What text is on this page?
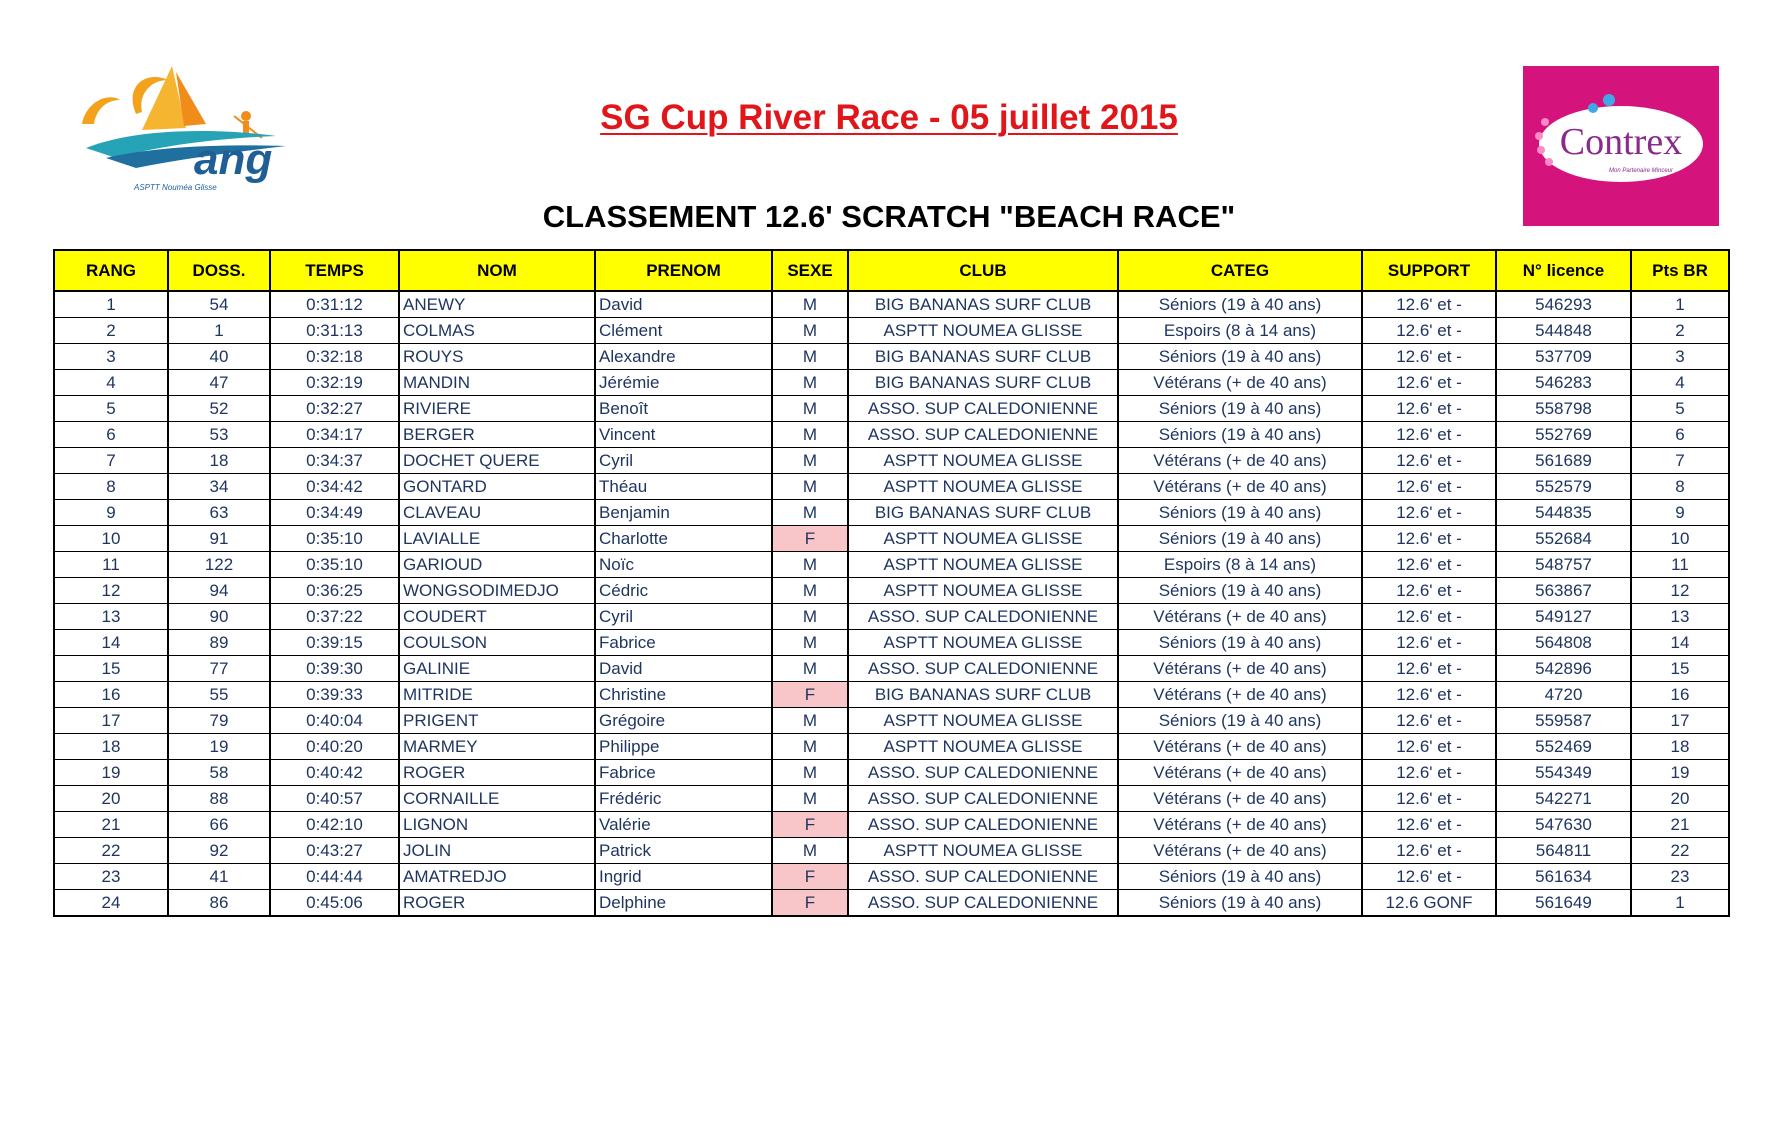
ang
ASPTT Nouméa Glisse
SG Cup River Race - 05 juillet 2015
CLASSEMENT 12.6' SCRATCH "BEACH RACE"
Contrex
Mon Partenaire Minceur
RANG	DOSS.	TEMPS	NOM	PRENOM	SEXE	CLUB	CATEG	SUPPORT	N° licence	Pts BR
1	54	0:31:12	ANEWY	David	M	BIG BANANAS SURF CLUB	Séniors (19 à 40 ans)	12.6' et -	546293	1
2	1	0:31:13	COLMAS	Clément	M	ASPTT NOUMEA GLISSE	Espoirs (8 à 14 ans)	12.6' et -	544848	2
3	40	0:32:18	ROUYS	Alexandre	M	BIG BANANAS SURF CLUB	Séniors (19 à 40 ans)	12.6' et -	537709	3
4	47	0:32:19	MANDIN	Jérémie	M	BIG BANANAS SURF CLUB	Vétérans (+ de 40 ans)	12.6' et -	546283	4
5	52	0:32:27	RIVIERE	Benoît	M	ASSO. SUP CALEDONIENNE	Séniors (19 à 40 ans)	12.6' et -	558798	5
6	53	0:34:17	BERGER	Vincent	M	ASSO. SUP CALEDONIENNE	Séniors (19 à 40 ans)	12.6' et -	552769	6
7	18	0:34:37	DOCHET QUERE	Cyril	M	ASPTT NOUMEA GLISSE	Vétérans (+ de 40 ans)	12.6' et -	561689	7
8	34	0:34:42	GONTARD	Théau	M	ASPTT NOUMEA GLISSE	Vétérans (+ de 40 ans)	12.6' et -	552579	8
9	63	0:34:49	CLAVEAU	Benjamin	M	BIG BANANAS SURF CLUB	Séniors (19 à 40 ans)	12.6' et -	544835	9
10	91	0:35:10	LAVIALLE	Charlotte	F	ASPTT NOUMEA GLISSE	Séniors (19 à 40 ans)	12.6' et -	552684	10
11	122	0:35:10	GARIOUD	Noïc	M	ASPTT NOUMEA GLISSE	Espoirs (8 à 14 ans)	12.6' et -	548757	11
12	94	0:36:25	WONGSODIMEDJO	Cédric	M	ASPTT NOUMEA GLISSE	Séniors (19 à 40 ans)	12.6' et -	563867	12
13	90	0:37:22	COUDERT	Cyril	M	ASSO. SUP CALEDONIENNE	Vétérans (+ de 40 ans)	12.6' et -	549127	13
14	89	0:39:15	COULSON	Fabrice	M	ASPTT NOUMEA GLISSE	Séniors (19 à 40 ans)	12.6' et -	564808	14
15	77	0:39:30	GALINIE	David	M	ASSO. SUP CALEDONIENNE	Vétérans (+ de 40 ans)	12.6' et -	542896	15
16	55	0:39:33	MITRIDE	Christine	F	BIG BANANAS SURF CLUB	Vétérans (+ de 40 ans)	12.6' et -	4720	16
17	79	0:40:04	PRIGENT	Grégoire	M	ASPTT NOUMEA GLISSE	Séniors (19 à 40 ans)	12.6' et -	559587	17
18	19	0:40:20	MARMEY	Philippe	M	ASPTT NOUMEA GLISSE	Vétérans (+ de 40 ans)	12.6' et -	552469	18
19	58	0:40:42	ROGER	Fabrice	M	ASSO. SUP CALEDONIENNE	Vétérans (+ de 40 ans)	12.6' et -	554349	19
20	88	0:40:57	CORNAILLE	Frédéric	M	ASSO. SUP CALEDONIENNE	Vétérans (+ de 40 ans)	12.6' et -	542271	20
21	66	0:42:10	LIGNON	Valérie	F	ASSO. SUP CALEDONIENNE	Vétérans (+ de 40 ans)	12.6' et -	547630	21
22	92	0:43:27	JOLIN	Patrick	M	ASPTT NOUMEA GLISSE	Vétérans (+ de 40 ans)	12.6' et -	564811	22
23	41	0:44:44	AMATREDJO	Ingrid	F	ASSO. SUP CALEDONIENNE	Séniors (19 à 40 ans)	12.6' et -	561634	23
24	86	0:45:06	ROGER	Delphine	F	ASSO. SUP CALEDONIENNE	Séniors (19 à 40 ans)	12.6 GONF	561649	1
